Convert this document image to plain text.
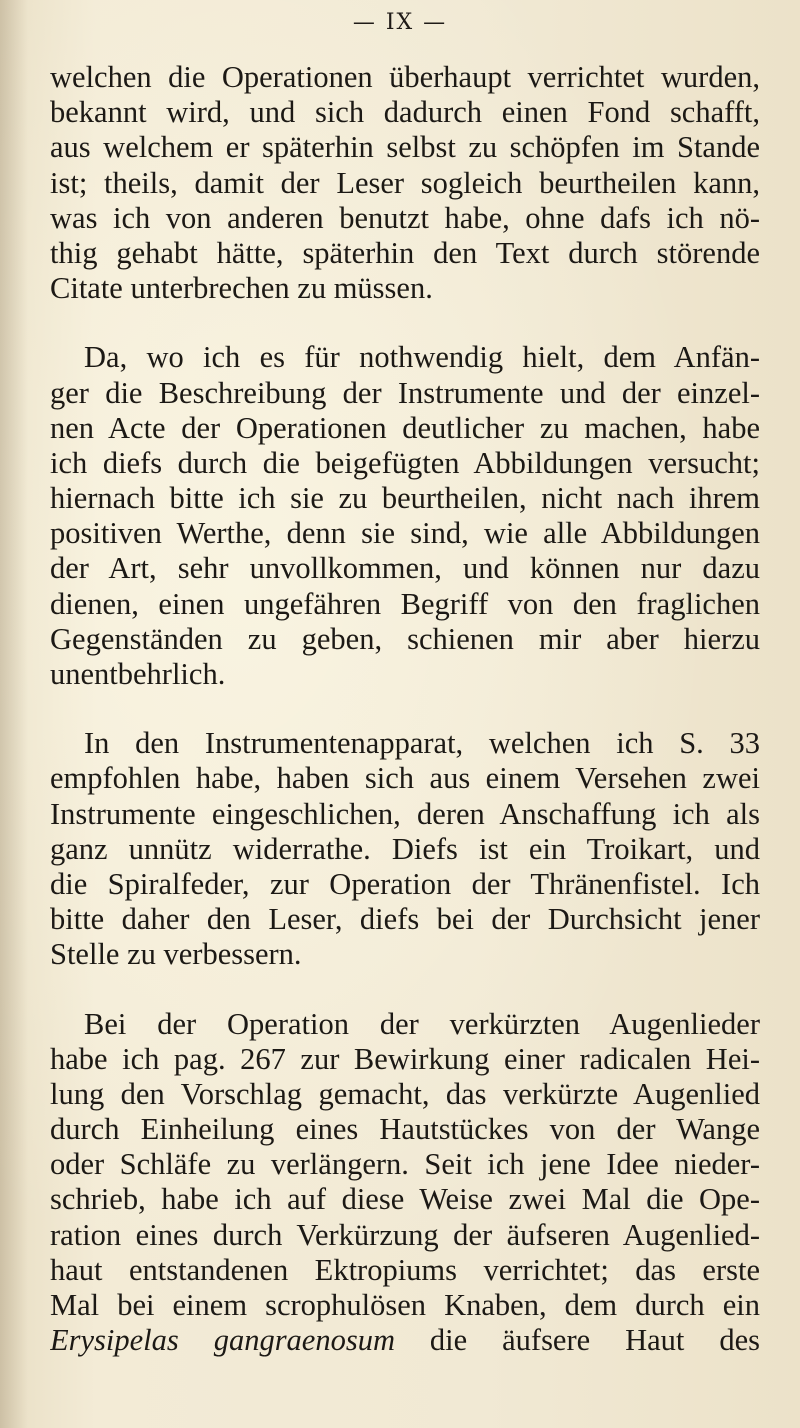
— IX —
welchen die Operationen überhaupt verrichtet wurden,
bekannt wird, und sich dadurch einen Fond schafft,
aus welchem er späterhin selbst zu schöpfen im Stande
ist; theils, damit der Leser sogleich beurtheilen kann,
was ich von anderen benutzt habe, ohne dafs ich nö-
thig gehabt hätte, späterhin den Text durch störende
Citate unterbrechen zu müssen.
Da, wo ich es für nothwendig hielt, dem Anfän-
ger die Beschreibung der Instrumente und der einzel-
nen Acte der Operationen deutlicher zu machen, habe
ich diefs durch die beigefügten Abbildungen versucht;
hiernach bitte ich sie zu beurtheilen, nicht nach ihrem
positiven Werthe, denn sie sind, wie alle Abbildungen
der Art, sehr unvollkommen, und können nur dazu
dienen, einen ungefähren Begriff von den fraglichen
Gegenständen zu geben, schienen mir aber hierzu
unentbehrlich.
In den Instrumentenapparat, welchen ich S. 33
empfohlen habe, haben sich aus einem Versehen zwei
Instrumente eingeschlichen, deren Anschaffung ich als
ganz unnütz widerrathe. Diefs ist ein Troikart, und
die Spiralfeder, zur Operation der Thränenfistel. Ich
bitte daher den Leser, diefs bei der Durchsicht jener
Stelle zu verbessern.
Bei der Operation der verkürzten Augenlieder
habe ich pag. 267 zur Bewirkung einer radicalen Hei-
lung den Vorschlag gemacht, das verkürzte Augenlied
durch Einheilung eines Hautstückes von der Wange
oder Schläfe zu verlängern. Seit ich jene Idee nieder-
schrieb, habe ich auf diese Weise zwei Mal die Ope-
ration eines durch Verkürzung der äufseren Augenlied-
haut entstandenen Ektropiums verrichtet; das erste
Mal bei einem scrophulösen Knaben, dem durch ein
Erysipelas gangraenosum die äufsere Haut des
